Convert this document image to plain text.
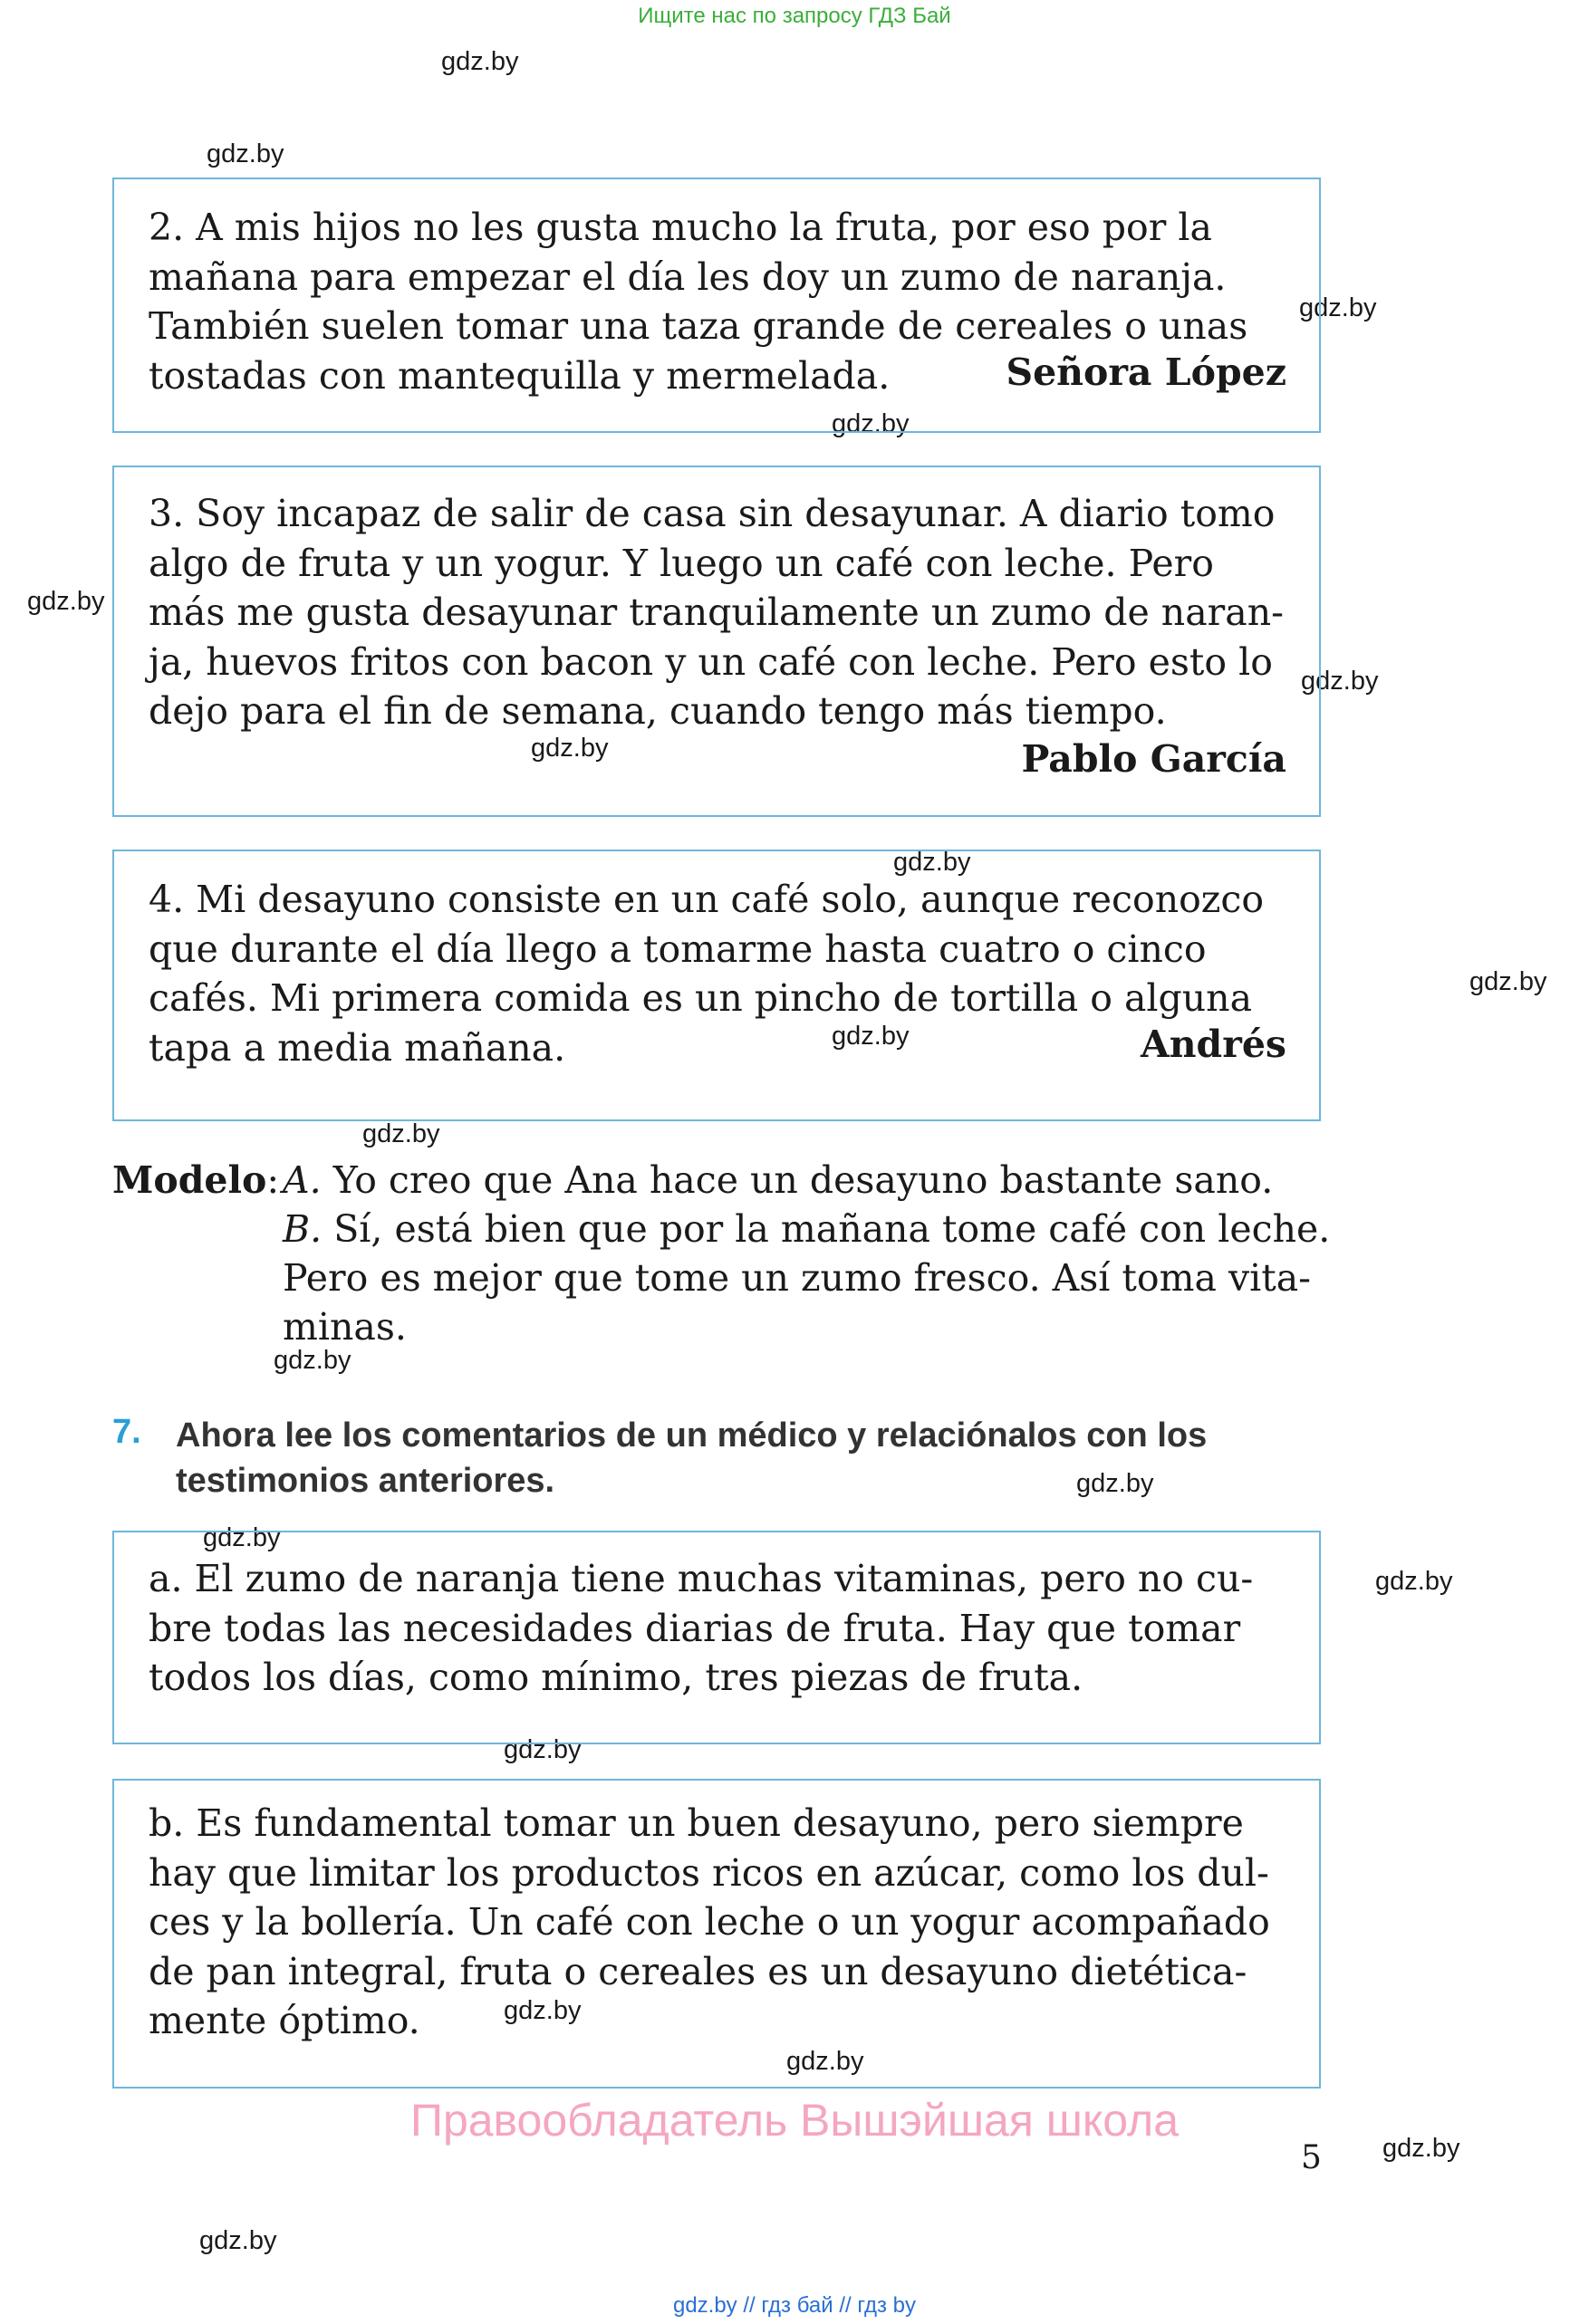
Ищите нас по запросу ГДЗ Бай
gdz.by
gdz.by
gdz.by
gdz.by
gdz.by
gdz.by
gdz.by
gdz.by
gdz.by
gdz.by
gdz.by
gdz.by
gdz.by
gdz.by
gdz.by
gdz.by
gdz.by
gdz.by
gdz.by
gdz.by
2. A mis hijos no les gusta mucho la fruta, por eso por la
mañana para empezar el día les doy un zumo de naranja.
También suelen tomar una taza grande de cereales o unas
tostadas con mantequilla y mermelada.	Señora López
3. Soy incapaz de salir de casa sin desayunar. A diario tomo
algo de fruta y un yogur. Y luego un café con leche. Pero
más me gusta desayunar tranquilamente un zumo de naran-
ja, huevos fritos con bacon y un café con leche. Pero esto lo
dejo para el fin de semana, cuando tengo más tiempo.
Pablo García
4. Mi desayuno consiste en un café solo, aunque reconozco
que durante el día llego a tomarme hasta cuatro o cinco
cafés. Mi primera comida es un pincho de tortilla o alguna
tapa a media mañana.	Andrés
Modelo: A. Yo creo que Ana hace un desayuno bastante sano.
B. Sí, está bien que por la mañana tome café con leche.
Pero es mejor que tome un zumo fresco. Así toma vita-
minas.
7. Ahora lee los comentarios de un médico y relaciónalos con los
testimonios anteriores.
a. El zumo de naranja tiene muchas vitaminas, pero no cu-
bre todas las necesidades diarias de fruta. Hay que tomar
todos los días, como mínimo, tres piezas de fruta.
b. Es fundamental tomar un buen desayuno, pero siempre
hay que limitar los productos ricos en azúcar, como los dul-
ces y la bollería. Un café con leche o un yogur acompañado
de pan integral, fruta o cereales es un desayuno dietética-
mente óptimo.
Правообладатель Вышэйшая школа
5
gdz.by // гдз бай // гдз by
